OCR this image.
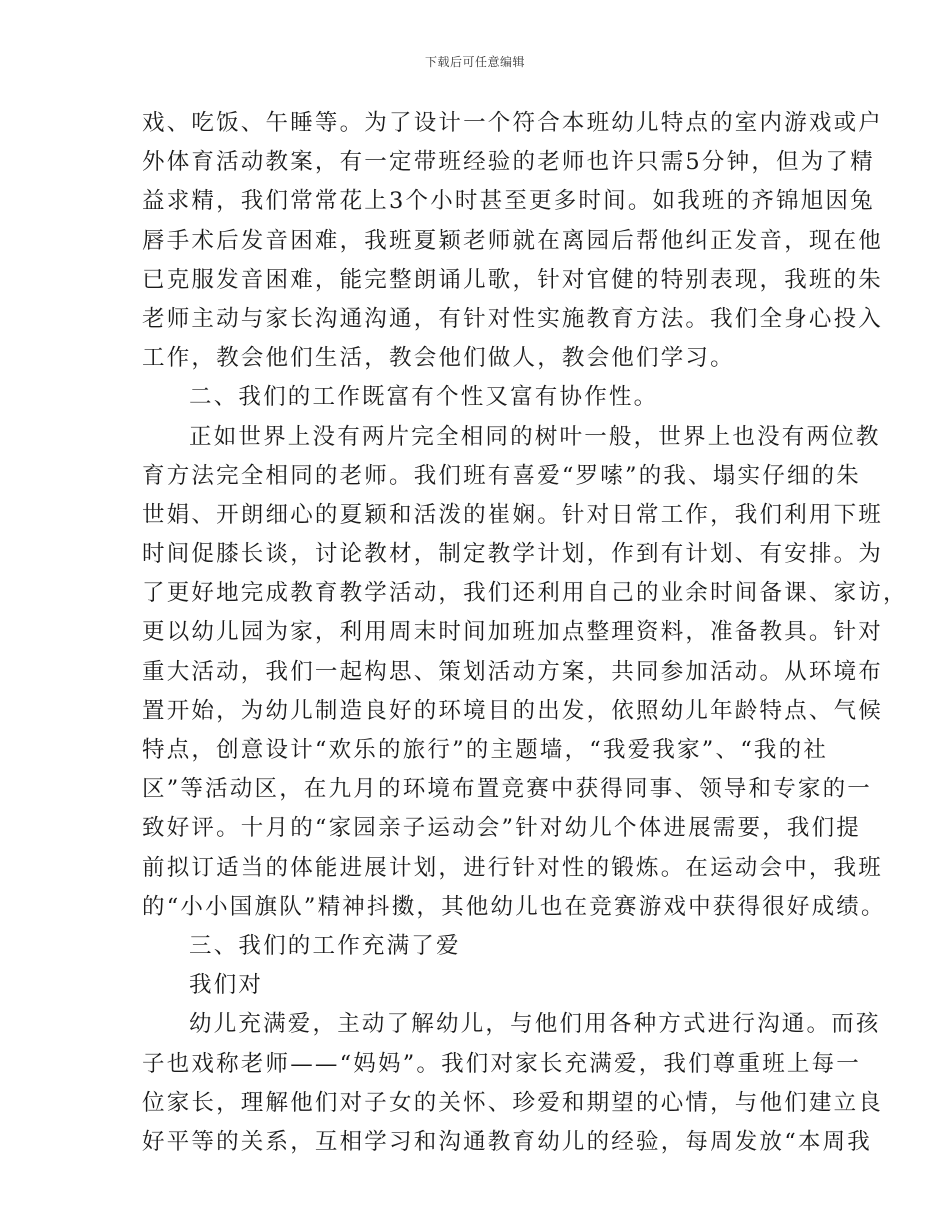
下载后可任意编辑
戏、吃饭、午睡等。为了设计一个符合本班幼儿特点的室内游戏或户
外体育活动教案，有一定带班经验的老师也许只需5分钟，但为了精
益求精，我们常常花上3个小时甚至更多时间。如我班的齐锦旭因兔
唇手术后发音困难，我班夏颖老师就在离园后帮他纠正发音，现在他
已克服发音困难，能完整朗诵儿歌，针对官健的特别表现，我班的朱
老师主动与家长沟通沟通，有针对性实施教育方法。我们全身心投入
工作，教会他们生活，教会他们做人，教会他们学习。
二、我们的工作既富有个性又富有协作性。
正如世界上没有两片完全相同的树叶一般，世界上也没有两位教
育方法完全相同的老师。我们班有喜爱“罗嗦”的我、塌实仔细的朱
世娟、开朗细心的夏颖和活泼的崔娴。针对日常工作，我们利用下班
时间促膝长谈，讨论教材，制定教学计划，作到有计划、有安排。为
了更好地完成教育教学活动，我们还利用自己的业余时间备课、家访，
更以幼儿园为家，利用周末时间加班加点整理资料，准备教具。针对
重大活动，我们一起构思、策划活动方案，共同参加活动。从环境布
置开始，为幼儿制造良好的环境目的出发，依照幼儿年龄特点、气候
特点，创意设计“欢乐的旅行”的主题墙，“我爱我家”、“我的社
区”等活动区，在九月的环境布置竞赛中获得同事、领导和专家的一
致好评。十月的“家园亲子运动会”针对幼儿个体进展需要，我们提
前拟订适当的体能进展计划，进行针对性的锻炼。在运动会中，我班
的“小小国旗队”精神抖擞，其他幼儿也在竞赛游戏中获得很好成绩。
三、我们的工作充满了爱
我们对
幼儿充满爱，主动了解幼儿，与他们用各种方式进行沟通。而孩
子也戏称老师——“妈妈”。我们对家长充满爱，我们尊重班上每一
位家长，理解他们对子女的关怀、珍爱和期望的心情，与他们建立良
好平等的关系，互相学习和沟通教育幼儿的经验，每周发放“本周我
